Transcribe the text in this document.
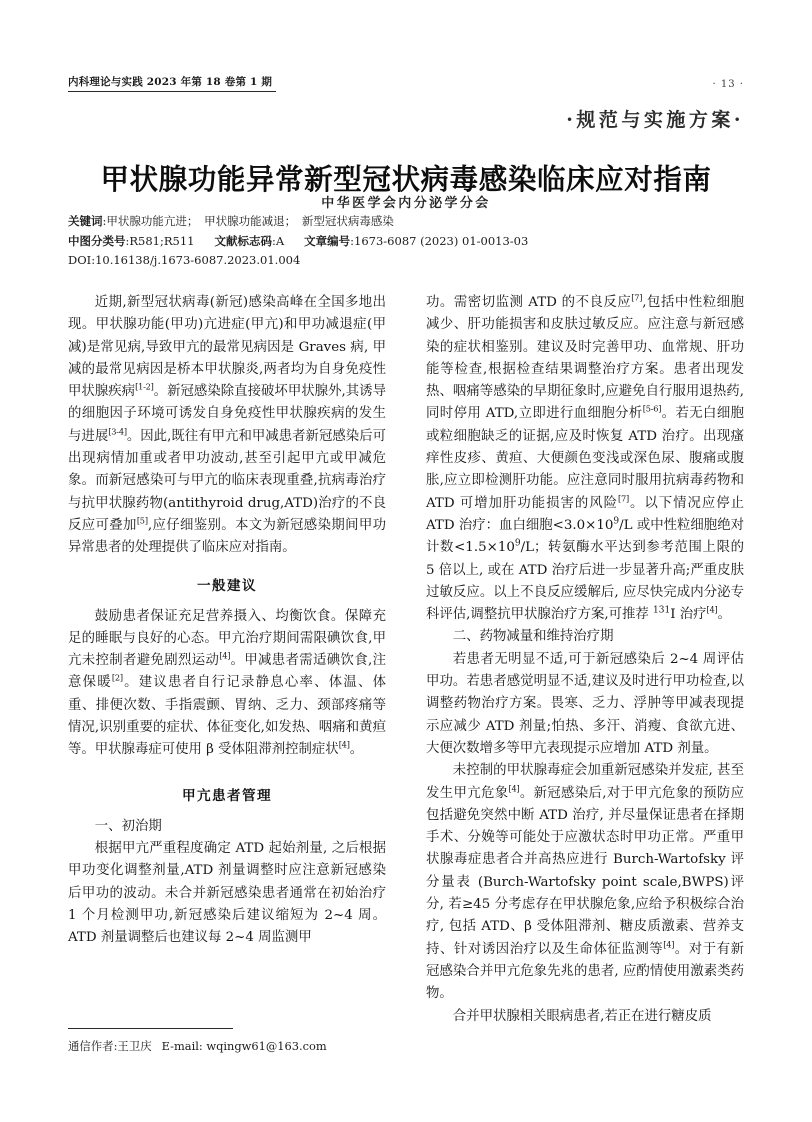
内科理论与实践 2023 年第 18 卷第 1 期	· 13 ·
·规范与实施方案·
甲状腺功能异常新型冠状病毒感染临床应对指南
中华医学会内分泌学分会
关键词:甲状腺功能亢进；　甲状腺功能减退；　新型冠状病毒感染
中图分类号:R581;R511 文献标志码:A 文章编号:1673-6087 (2023) 01-0013-03
DOI:10.16138/j.1673-6087.2023.01.004

近期,新型冠状病毒(新冠)感染高峰在全国多地出现。甲状腺功能(甲功)亢进症(甲亢)和甲功减退症(甲减)是常见病,导致甲亢的最常见病因是 Graves 病, 甲减的最常见病因是桥本甲状腺炎,两者均为自身免疫性甲状腺疾病[1-2]。新冠感染除直接破坏甲状腺外,其诱导的细胞因子环境可诱发自身免疫性甲状腺疾病的发生与进展[3-4]。因此,既往有甲亢和甲减患者新冠感染后可出现病情加重或者甲功波动,甚至引起甲亢或甲减危象。而新冠感染可与甲亢的临床表现重叠,抗病毒治疗与抗甲状腺药物(antithyroid drug,ATD)治疗的不良反应可叠加[5],应仔细鉴别。本文为新冠感染期间甲功异常患者的处理提供了临床应对指南。

一般建议

鼓励患者保证充足营养摄入、均衡饮食。保障充足的睡眠与良好的心态。甲亢治疗期间需限碘饮食,甲亢未控制者避免剧烈运动[4]。甲减患者需适碘饮食,注意保暖[2]。建议患者自行记录静息心率、体温、体重、排便次数、手指震颤、胃纳、乏力、颈部疼痛等情况,识别重要的症状、体征变化,如发热、咽痛和黄疸等。甲状腺毒症可使用 β 受体阻滞剂控制症状[4]。

甲亢患者管理
一、初治期

根据甲亢严重程度确定 ATD 起始剂量, 之后根据甲功变化调整剂量,ATD 剂量调整时应注意新冠感染后甲功的波动。未合并新冠感染患者通常在初始治疗 1 个月检测甲功,新冠感染后建议缩短为 2~4 周。ATD 剂量调整后也建议每 2~4 周监测甲

功。需密切监测 ATD 的不良反应[7],包括中性粒细胞减少、肝功能损害和皮肤过敏反应。应注意与新冠感染的症状相鉴别。建议及时完善甲功、血常规、肝功能等检查,根据检查结果调整治疗方案。患者出现发热、咽痛等感染的早期征象时,应避免自行服用退热药,同时停用 ATD,立即进行血细胞分析[5-6]。若无白细胞或粒细胞缺乏的证据,应及时恢复 ATD 治疗。出现瘙痒性皮疹、黄疸、大便颜色变浅或深色尿、腹痛或腹胀,应立即检测肝功能。应注意同时服用抗病毒药物和 ATD 可增加肝功能损害的风险[7]。以下情况应停止 ATD 治疗：血白细胞$<3.0\times 10^9/L$ 或中性粒细胞绝对计数$<1.5\times 10^9/L$；转氨酶水平达到参考范围上限的 5 倍以上, 或在 ATD 治疗后进一步显著升高;严重皮肤过敏反应。以上不良反应缓解后, 应尽快完成内分泌专科评估,调整抗甲状腺治疗方案,可推荐 $^{131}$I 治疗[4]。

二、药物减量和维持治疗期

若患者无明显不适,可于新冠感染后 2~4 周评估甲功。若患者感觉明显不适,建议及时进行甲功检查,以调整药物治疗方案。畏寒、乏力、浮肿等甲减表现提示应减少 ATD 剂量;怕热、多汗、消瘦、食欲亢进、大便次数增多等甲亢表现提示应增加 ATD 剂量。

未控制的甲状腺毒症会加重新冠感染并发症, 甚至发生甲亢危象[4]。新冠感染后,对于甲亢危象的预防应包括避免突然中断 ATD 治疗, 并尽量保证患者在择期手术、分娩等可能处于应激状态时甲功正常。严重甲状腺毒症患者合并高热应进行 Burch-Wartofsky 评分量表 (Burch-Wartofsky point scale,BWPS)评分, 若≥45 分考虑存在甲状腺危象,应给予积极综合治疗, 包括 ATD、β 受体阻滞剂、糖皮质激素、营养支持、针对诱因治疗以及生命体征监测等[4]。对于有新冠感染合并甲亢危象先兆的患者, 应酌情使用激素类药物。

合并甲状腺相关眼病患者,若正在进行糖皮质

通信作者:王卫庆 E-mail: wqingw61@163.com
